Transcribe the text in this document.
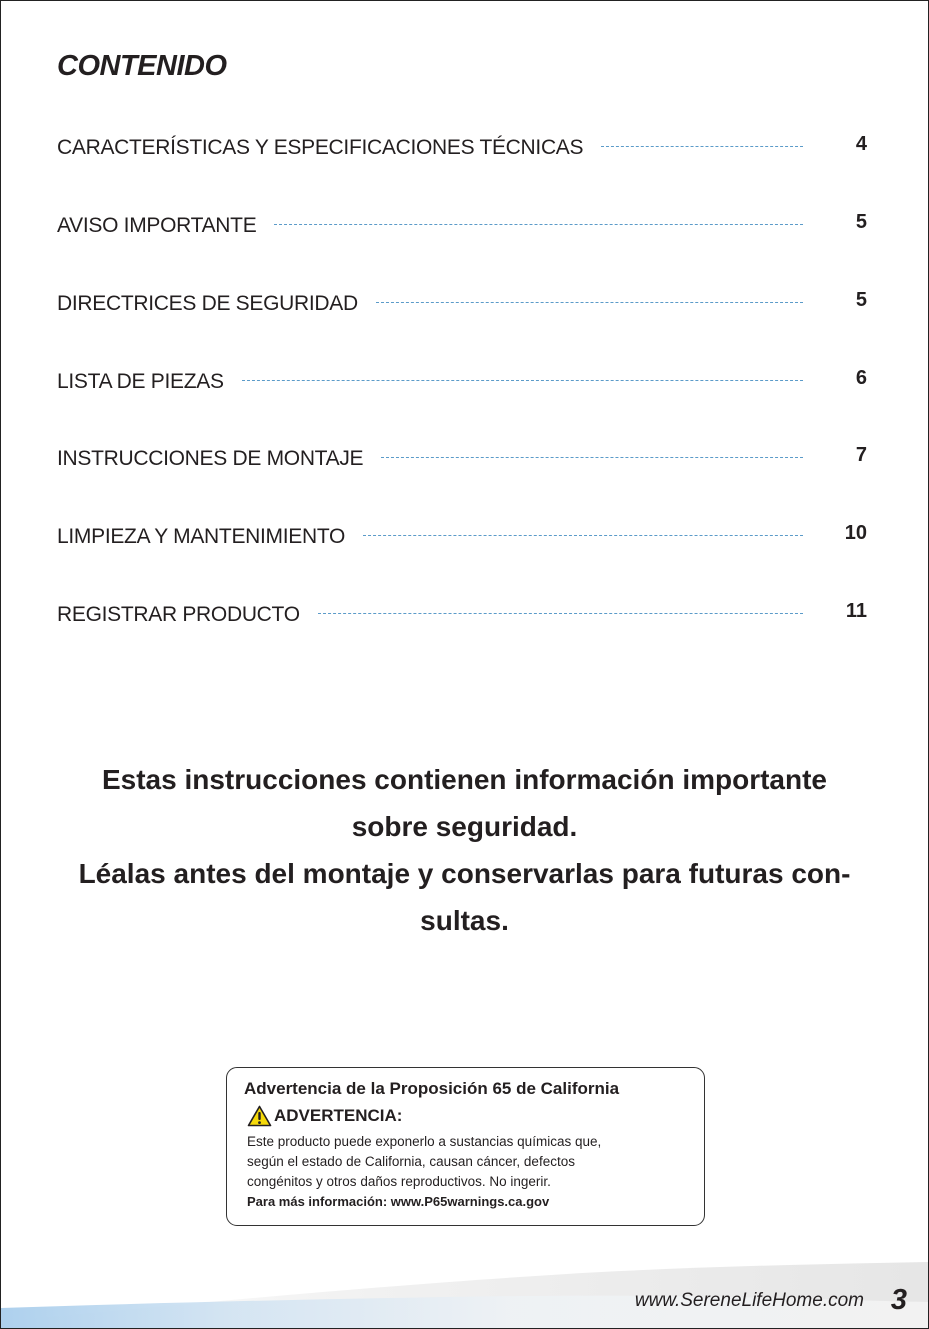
CONTENIDO
CARACTERÍSTICAS Y ESPECIFICACIONES TÉCNICAS	4
AVISO IMPORTANTE	5
DIRECTRICES DE SEGURIDAD	5
LISTA DE PIEZAS	6
INSTRUCCIONES DE MONTAJE	7
LIMPIEZA Y MANTENIMIENTO	10
REGISTRAR PRODUCTO	11

Estas instrucciones contienen información importante

sobre seguridad.

Léalas antes del montaje y conservarlas para futuras con-

sultas.

Advertencia de la Proposición 65 de California
ADVERTENCIA:
Este producto puede exponerlo a sustancias químicas que,
según el estado de California, causan cáncer, defectos
congénitos y otros daños reproductivos. No ingerir.
Para más información: www.P65warnings.ca.gov
www.SereneLifeHome.com 3
